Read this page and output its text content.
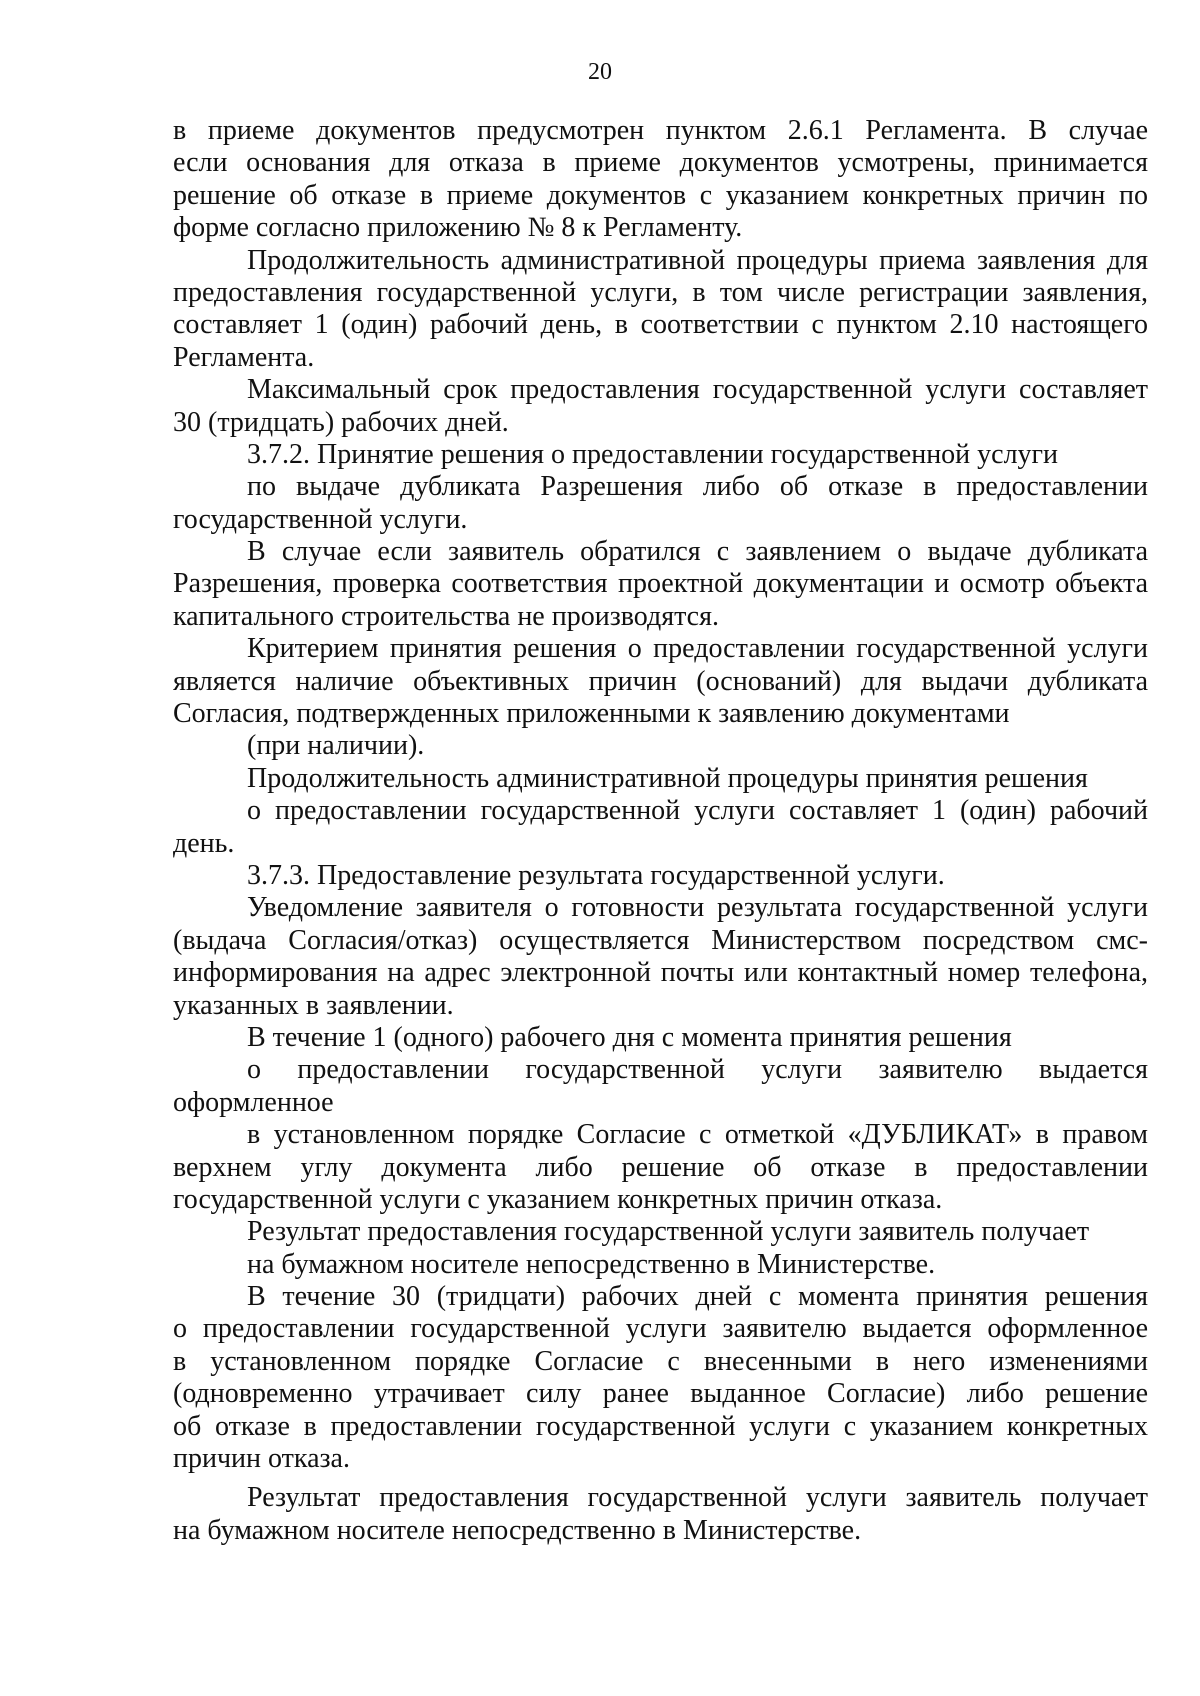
20
в приеме документов предусмотрен пунктом 2.6.1 Регламента. В случае
если основания для отказа в приеме документов усмотрены, принимается
решение об отказе в приеме документов с указанием конкретных причин по
форме согласно приложению № 8 к Регламенту.
Продолжительность административной процедуры приема заявления для
предоставления государственной услуги, в том числе регистрации заявления,
составляет 1 (один) рабочий день, в соответствии с пунктом 2.10 настоящего
Регламента.
Максимальный срок предоставления государственной услуги составляет
30 (тридцать) рабочих дней.
3.7.2. Принятие решения о предоставлении государственной услуги
по выдаче дубликата Разрешения либо об отказе в предоставлении
государственной услуги.
В случае если заявитель обратился с заявлением о выдаче дубликата
Разрешения, проверка соответствия проектной документации и осмотр объекта
капитального строительства не производятся.
Критерием принятия решения о предоставлении государственной услуги
является наличие объективных причин (оснований) для выдачи дубликата
Согласия, подтвержденных приложенными к заявлению документами
(при наличии).
Продолжительность административной процедуры принятия решения
о предоставлении государственной услуги составляет 1 (один) рабочий
день.
3.7.3. Предоставление результата государственной услуги.
Уведомление заявителя о готовности результата государственной услуги
(выдача Согласия/отказ) осуществляется Министерством посредством смс-
информирования на адрес электронной почты или контактный номер телефона,
указанных в заявлении.
В течение 1 (одного) рабочего дня с момента принятия решения
о предоставлении государственной услуги заявителю выдается
оформленное
в установленном порядке Согласие с отметкой «ДУБЛИКАТ» в правом
верхнем углу документа либо решение об отказе в предоставлении
государственной услуги с указанием конкретных причин отказа.
Результат предоставления государственной услуги заявитель получает
на бумажном носителе непосредственно в Министерстве.
В течение 30 (тридцати) рабочих дней с момента принятия решения
о предоставлении государственной услуги заявителю выдается оформленное
в установленном порядке Согласие с внесенными в него изменениями
(одновременно утрачивает силу ранее выданное Согласие) либо решение
об отказе в предоставлении государственной услуги с указанием конкретных
причин отказа.
Результат предоставления государственной услуги заявитель получает
на бумажном носителе непосредственно в Министерстве.
